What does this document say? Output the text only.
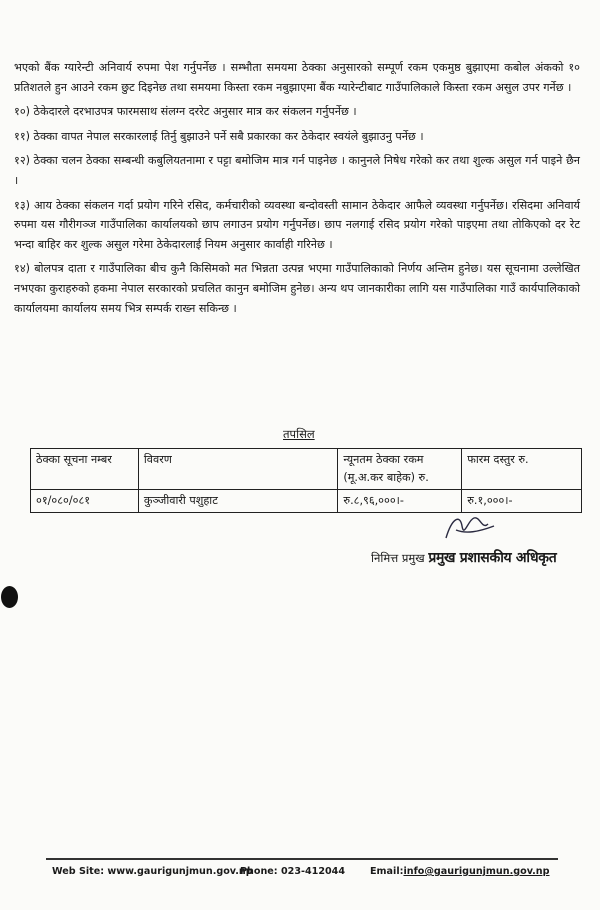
भएको बैंक ग्यारेन्टी अनिवार्य रुपमा पेश गर्नुपर्नेछ । सम्भौता समयमा ठेक्का अनुसारको सम्पूर्ण रकम एकमुष्ठ बुझाएमा कबोल अंकको १० प्रतिशतले हुन आउने रकम छुट दिइनेछ तथा समयमा किस्ता रकम नबुझाएमा बैंक ग्यारेन्टीबाट गाउँपालिकाले किस्ता रकम असुल उपर गर्नेछ ।

१०) ठेकेदारले दरभाउपत्र फारमसाथ संलग्न दररेट अनुसार मात्र कर संकलन गर्नुपर्नेछ ।

११) ठेक्का वापत नेपाल सरकारलाई तिर्नु बुझाउने पर्ने सबै प्रकारका कर ठेकेदार स्वयंले बुझाउनु पर्नेछ ।

१२) ठेक्का चलन ठेक्का सम्बन्धी कबुलियतनामा र पट्टा बमोजिम मात्र गर्न पाइनेछ । कानुनले निषेध गरेको कर तथा शुल्क असुल गर्न पाइने छैन ।

१३) आय ठेक्का संकलन गर्दा प्रयोग गरिने रसिद, कर्मचारीको व्यवस्था बन्दोवस्ती सामान ठेकेदार आफैले व्यवस्था गर्नुपर्नेछ। रसिदमा अनिवार्य रुपमा यस गौरीगञ्ज गाउँपालिका कार्यालयको छाप लगाउन प्रयोग गर्नुपर्नेछ। छाप नलगाई रसिद प्रयोग गरेको पाइएमा तथा तोकिएको दर रेट भन्दा बाहिर कर शुल्क असुल गरेमा ठेकेदारलाई नियम अनुसार कार्वाही गरिनेछ ।

१४) बोलपत्र दाता र गाउँपालिका बीच कुनै किसिमको मत भिन्नता उत्पन्न भएमा गाउँपालिकाको निर्णय अन्तिम हुनेछ। यस सूचनामा उल्लेखित नभएका कुराहरुको हकमा नेपाल सरकारको प्रचलित कानुन बमोजिम हुनेछ। अन्य थप जानकारीका लागि यस गाउँपालिका गाउँ कार्यपालिकाको कार्यालयमा कार्यालय समय भित्र सम्पर्क राख्न सकिन्छ ।

तपसिल
ठेक्का सूचना नम्बर	विवरण	न्यूनतम ठेक्का रकम (मू.अ.कर बाहेक) रु.	फारम दस्तुर रु.
०१/०८०/०८१	कुञ्जीवारी पशुहाट	रु.८,९६,०००।-	रु.१,०००।-
निमित्त प्रमुख प्रमुख प्रशासकीय अधिकृत
Web Site: www.gaurigunjmun.gov.np
Phone: 023-412044	Email:info@gaurigunjmun.gov.np
